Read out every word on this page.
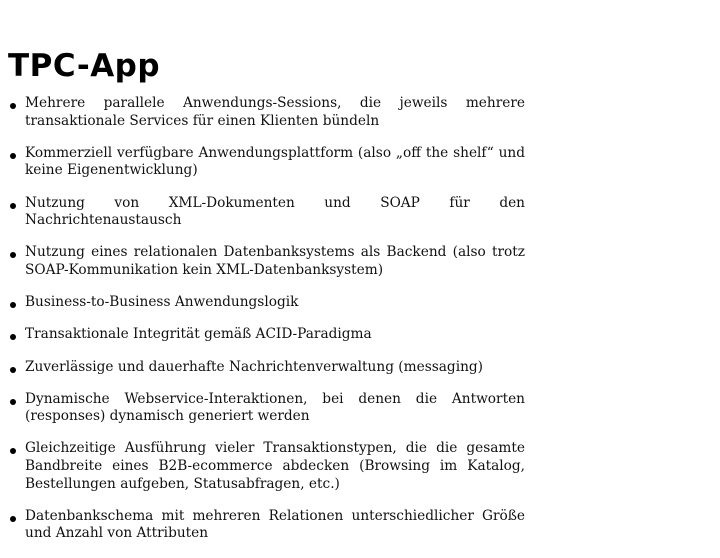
TPC-App
Mehrere parallele Anwendungs-Sessions, die jeweils mehrere transaktionale Services für einen Klienten bündeln
Kommerziell verfügbare Anwendungsplattform (also „off the shelf“ und keine Eigenentwicklung)
Nutzung von XML-Dokumenten und SOAP für den Nachrichtenaustausch
Nutzung eines relationalen Datenbanksystems als Backend (also trotz SOAP-Kommunikation kein XML-Datenbanksystem)
Business-to-Business Anwendungslogik
Transaktionale Integrität gemäß ACID-Paradigma
Zuverlässige und dauerhafte Nachrichtenverwaltung (messaging)
Dynamische Webservice-Interaktionen, bei denen die Antworten (responses) dynamisch generiert werden
Gleichzeitige Ausführung vieler Transaktionstypen, die die gesamte Bandbreite eines B2B-ecommerce abdecken (Browsing im Katalog, Bestellungen aufgeben, Statusabfragen, etc.)
Datenbankschema mit mehreren Relationen unterschiedlicher Größe und Anzahl von Attributen
